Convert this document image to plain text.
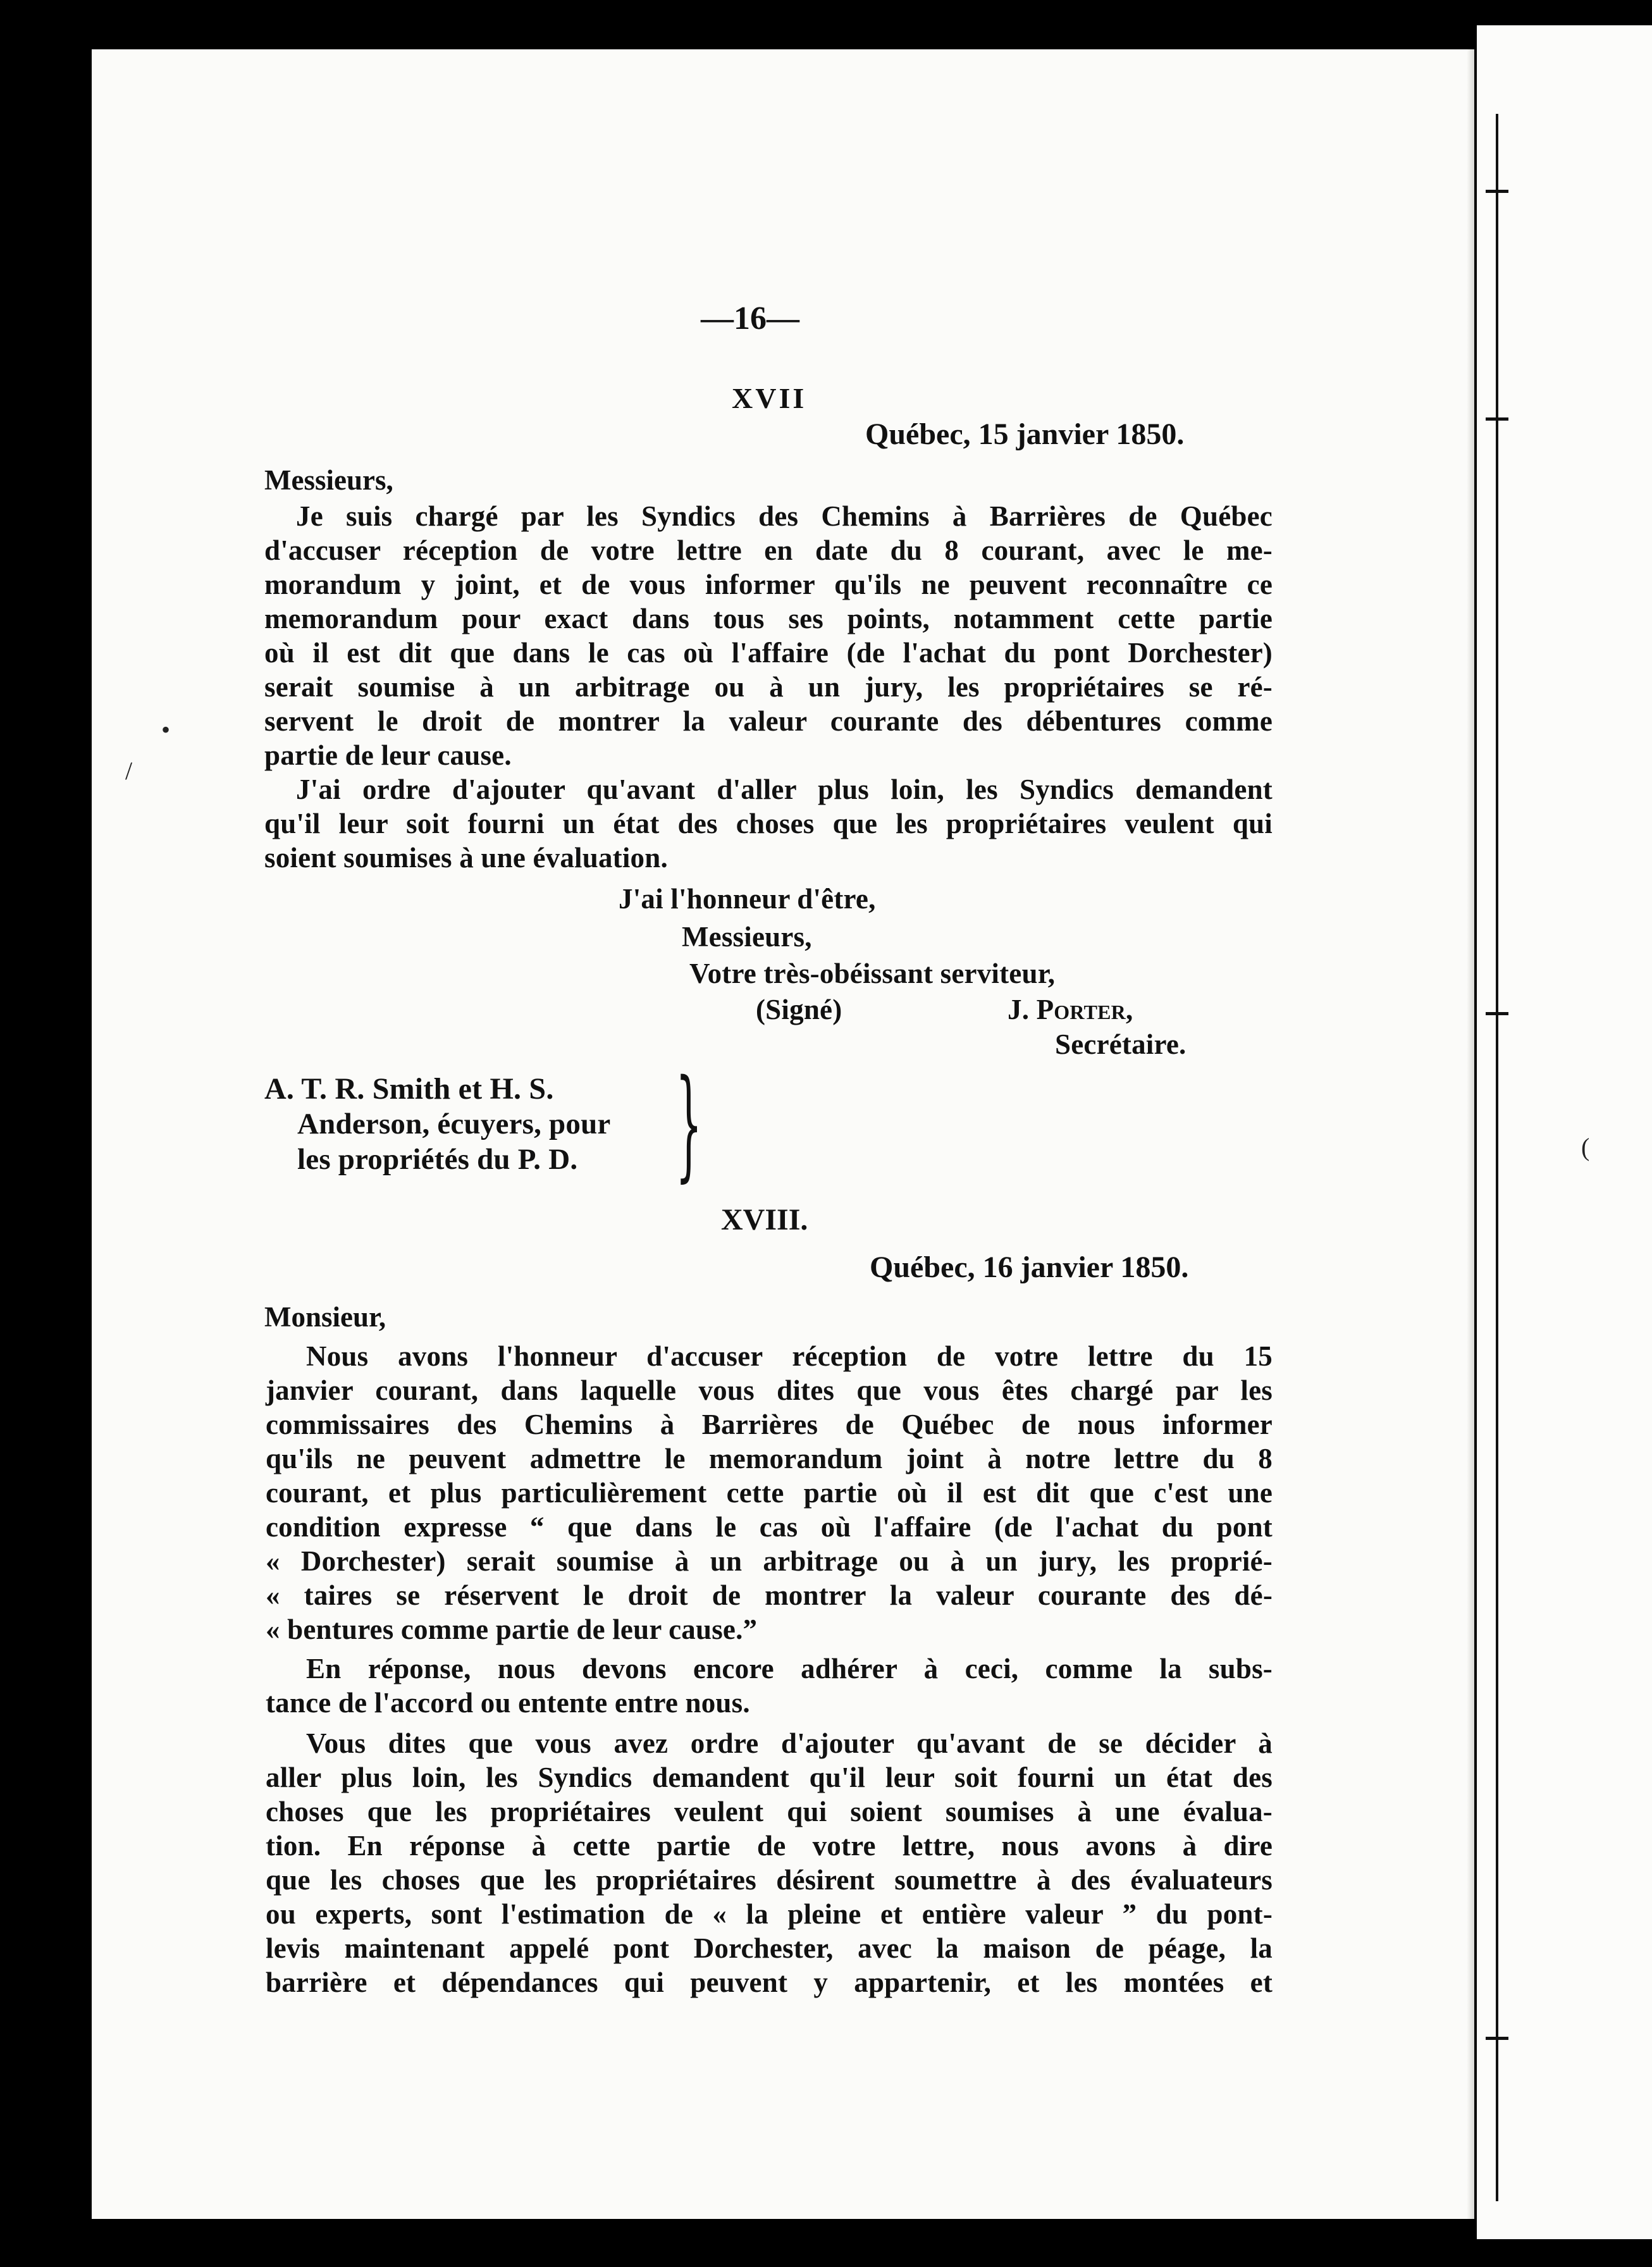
•
/
(
—16—
XVII
Québec, 15 janvier 1850.
Messieurs,
Je suis chargé par les Syndics des Chemins à Barrières de Québec
d'accuser réception de votre lettre en date du 8 courant, avec le me-
morandum y joint, et de vous informer qu'ils ne peuvent reconnaître ce
memorandum pour exact dans tous ses points, notamment cette partie
où il est dit que dans le cas où l'affaire (de l'achat du pont Dorchester)
serait soumise à un arbitrage ou à un jury, les propriétaires se ré-
servent le droit de montrer la valeur courante des débentures comme
partie de leur cause.
J'ai ordre d'ajouter qu'avant d'aller plus loin, les Syndics demandent
qu'il leur soit fourni un état des choses que les propriétaires veulent qui
soient soumises à une évaluation.
J'ai l'honneur d'être,
Messieurs,
Votre très-obéissant serviteur,
(Signé)	J. Porter,
Secrétaire.
A. T. R. Smith et H. S.
Anderson, écuyers, pour
les propriétés du P. D. }
XVIII.
Québec, 16 janvier 1850.
Monsieur,
Nous avons l'honneur d'accuser réception de votre lettre du 15
janvier courant, dans laquelle vous dites que vous êtes chargé par les
commissaires des Chemins à Barrières de Québec de nous informer
qu'ils ne peuvent admettre le memorandum joint à notre lettre du 8
courant, et plus particulièrement cette partie où il est dit que c'est une
condition expresse “ que dans le cas où l'affaire (de l'achat du pont
« Dorchester) serait soumise à un arbitrage ou à un jury, les proprié-
« taires se réservent le droit de montrer la valeur courante des dé-
« bentures comme partie de leur cause.”
En réponse, nous devons encore adhérer à ceci, comme la subs-
tance de l'accord ou entente entre nous.
Vous dites que vous avez ordre d'ajouter qu'avant de se décider à
aller plus loin, les Syndics demandent qu'il leur soit fourni un état des
choses que les propriétaires veulent qui soient soumises à une évalua-
tion. En réponse à cette partie de votre lettre, nous avons à dire
que les choses que les propriétaires désirent soumettre à des évaluateurs
ou experts, sont l'estimation de « la pleine et entière valeur ” du pont-
levis maintenant appelé pont Dorchester, avec la maison de péage, la
barrière et dépendances qui peuvent y appartenir, et les montées et
